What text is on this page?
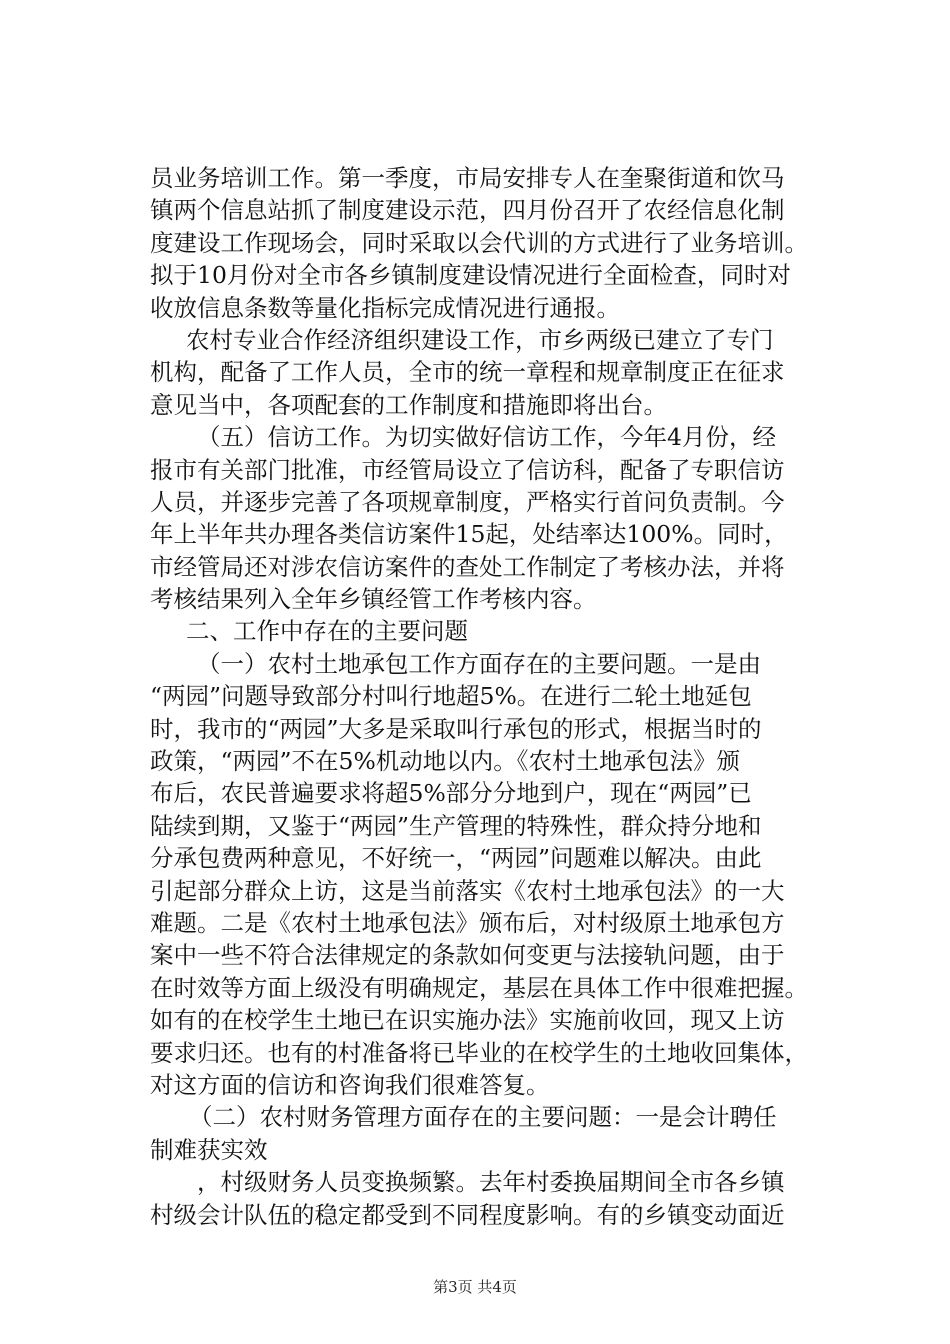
员业务培训工作。第一季度，市局安排专人在奎聚街道和饮马
镇两个信息站抓了制度建设示范，四月份召开了农经信息化制
度建设工作现场会，同时采取以会代训的方式进行了业务培训。
拟于10月份对全市各乡镇制度建设情况进行全面检查，同时对
收放信息条数等量化指标完成情况进行通报。
农村专业合作经济组织建设工作，市乡两级已建立了专门
机构，配备了工作人员，全市的统一章程和规章制度正在征求
意见当中，各项配套的工作制度和措施即将出台。
（五）信访工作。为切实做好信访工作，今年4月份，经
报市有关部门批准，市经管局设立了信访科，配备了专职信访
人员，并逐步完善了各项规章制度，严格实行首问负责制。今
年上半年共办理各类信访案件15起，处结率达100%。同时，
市经管局还对涉农信访案件的查处工作制定了考核办法，并将
考核结果列入全年乡镇经管工作考核内容。
二、工作中存在的主要问题
（一）农村土地承包工作方面存在的主要问题。一是由
“两园”问题导致部分村叫行地超5%。在进行二轮土地延包
时，我市的“两园”大多是采取叫行承包的形式，根据当时的
政策，“两园”不在5%机动地以内。《农村土地承包法》颁
布后，农民普遍要求将超5%部分分地到户，现在“两园”已
陆续到期，又鉴于“两园”生产管理的特殊性，群众持分地和
分承包费两种意见，不好统一，“两园”问题难以解决。由此
引起部分群众上访，这是当前落实《农村土地承包法》的一大
难题。二是《农村土地承包法》颁布后，对村级原土地承包方
案中一些不符合法律规定的条款如何变更与法接轨问题，由于
在时效等方面上级没有明确规定，基层在具体工作中很难把握。
如有的在校学生土地已在识实施办法》实施前收回，现又上访
要求归还。也有的村准备将已毕业的在校学生的土地收回集体，
对这方面的信访和咨询我们很难答复。
（二）农村财务管理方面存在的主要问题：一是会计聘任
制难获实效
，村级财务人员变换频繁。去年村委换届期间全市各乡镇
村级会计队伍的稳定都受到不同程度影响。有的乡镇变动面近
第3页 共4页
